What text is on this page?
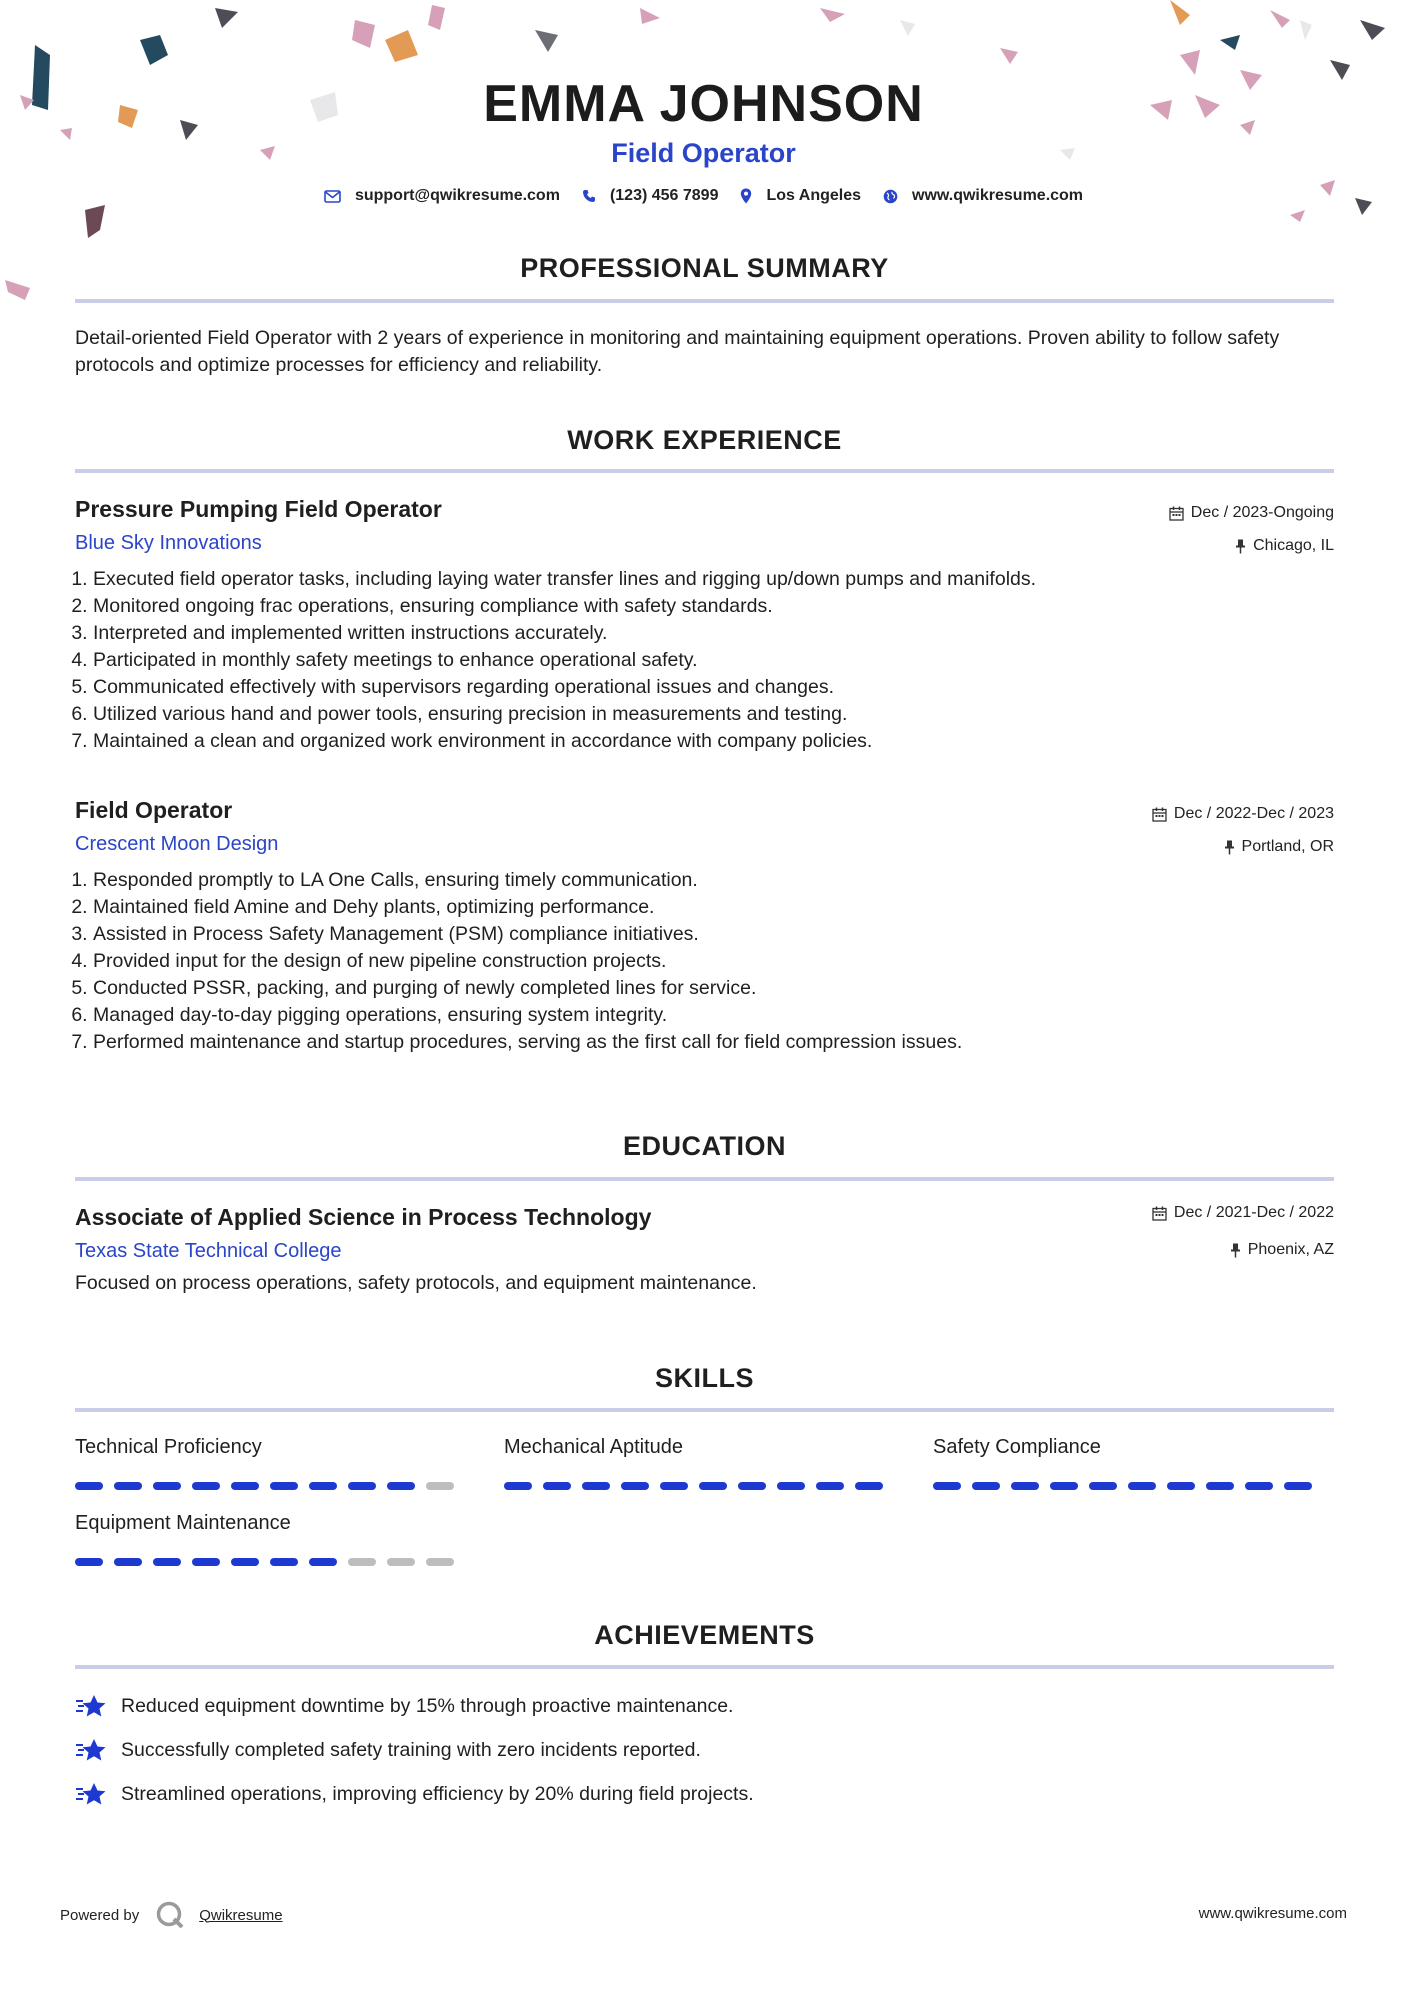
EMMA JOHNSON
Field Operator
support@qwikresume.com	(123) 456 7899	Los Angeles	www.qwikresume.com
PROFESSIONAL SUMMARY
Detail-oriented Field Operator with 2 years of experience in monitoring and maintaining equipment operations. Proven ability to follow safety protocols and optimize processes for efficiency and reliability.
WORK EXPERIENCE
Pressure Pumping Field Operator
Blue Sky Innovations
Dec / 2023-Ongoing
Chicago, IL
1. Executed field operator tasks, including laying water transfer lines and rigging up/down pumps and manifolds.
2. Monitored ongoing frac operations, ensuring compliance with safety standards.
3. Interpreted and implemented written instructions accurately.
4. Participated in monthly safety meetings to enhance operational safety.
5. Communicated effectively with supervisors regarding operational issues and changes.
6. Utilized various hand and power tools, ensuring precision in measurements and testing.
7. Maintained a clean and organized work environment in accordance with company policies.
Field Operator
Crescent Moon Design
Dec / 2022-Dec / 2023
Portland, OR
1. Responded promptly to LA One Calls, ensuring timely communication.
2. Maintained field Amine and Dehy plants, optimizing performance.
3. Assisted in Process Safety Management (PSM) compliance initiatives.
4. Provided input for the design of new pipeline construction projects.
5. Conducted PSSR, packing, and purging of newly completed lines for service.
6. Managed day-to-day pigging operations, ensuring system integrity.
7. Performed maintenance and startup procedures, serving as the first call for field compression issues.
EDUCATION
Associate of Applied Science in Process Technology
Texas State Technical College
Dec / 2021-Dec / 2022
Phoenix, AZ
Focused on process operations, safety protocols, and equipment maintenance.
SKILLS
Technical Proficiency	Mechanical Aptitude	Safety Compliance
Equipment Maintenance
ACHIEVEMENTS
Reduced equipment downtime by 15% through proactive maintenance.
Successfully completed safety training with zero incidents reported.
Streamlined operations, improving efficiency by 20% during field projects.
Powered by	Qwikresume	www.qwikresume.com
